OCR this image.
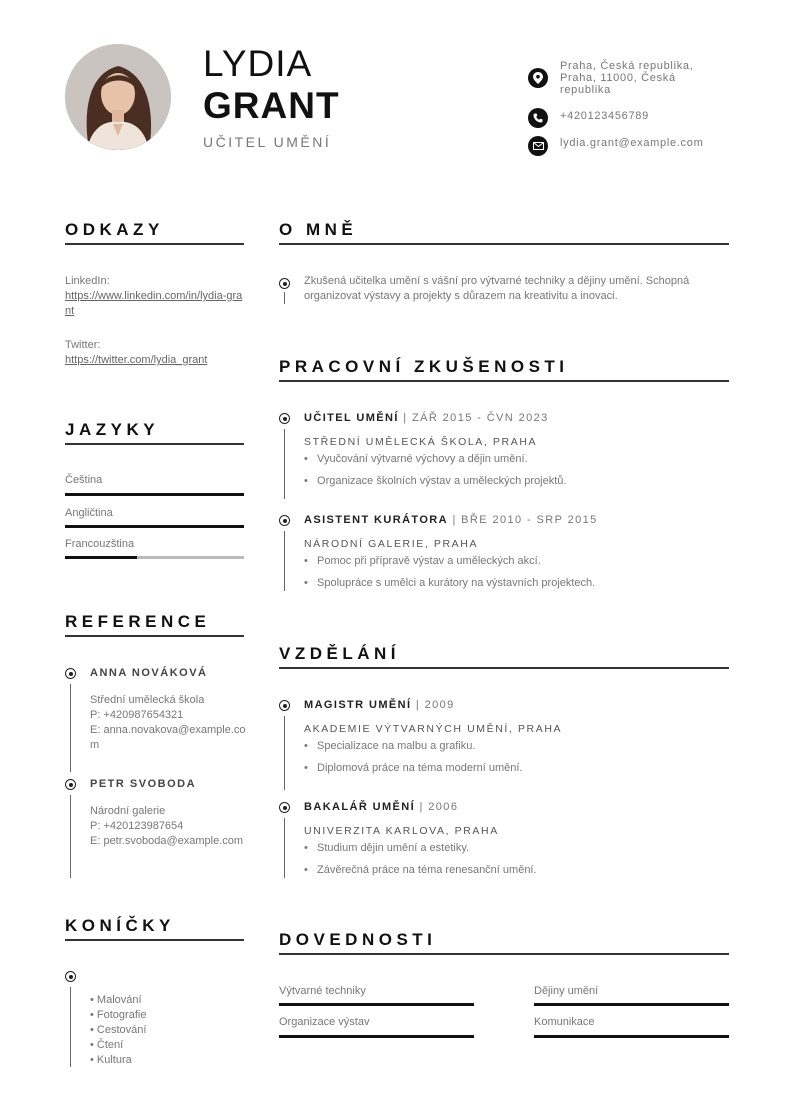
LYDIA
GRANT
UČITEL UMĚNÍ
Praha, Česká republika, Praha, 11000, Česká republika
+420123456789
lydia.grant@example.com
ODKAZY
LinkedIn:
https://www.linkedin.com/in/lydia-grant
Twitter:
https://twitter.com/lydia_grant
JAZYKY
Čeština
Angličtina
Francouzština
REFERENCE
ANNA NOVÁKOVÁ
Střední umělecká škola
P: +420987654321
E: anna.novakova@example.com
PETR SVOBODA
Národní galerie
P: +420123987654
E: petr.svoboda@example.com
KONÍČKY
• Malování
• Fotografie
• Cestování
• Čtení
• Kultura
O MNĚ
Zkušená učitelka umění s vášní pro výtvarné techniky a dějiny umění. Schopná organizovat výstavy a projekty s důrazem na kreativitu a inovaci.
PRACOVNÍ ZKUŠENOSTI
UČITEL UMĚNÍ | ZÁŘ 2015 - ČVN 2023
STŘEDNÍ UMĚLECKÁ ŠKOLA, PRAHA
•   Vyučování výtvarné výchovy a dějin umění.
•   Organizace školních výstav a uměleckých projektů.
ASISTENT KURÁTORA | BŘE 2010 - SRP 2015
NÁRODNÍ GALERIE, PRAHA
•   Pomoc při přípravě výstav a uměleckých akcí.
•   Spolupráce s umělci a kurátory na výstavních projektech.
VZDĚLÁNÍ
MAGISTR UMĚNÍ | 2009
AKADEMIE VÝTVARNÝCH UMĚNÍ, PRAHA
•   Specializace na malbu a grafiku.
•   Diplomová práce na téma moderní umění.
BAKALÁŘ UMĚNÍ | 2006
UNIVERZITA KARLOVA, PRAHA
•   Studium dějin umění a estetiky.
•   Závěrečná práce na téma renesanční umění.
DOVEDNOSTI
Výtvarné techniky	Dějiny umění
Organizace výstav	Komunikace
